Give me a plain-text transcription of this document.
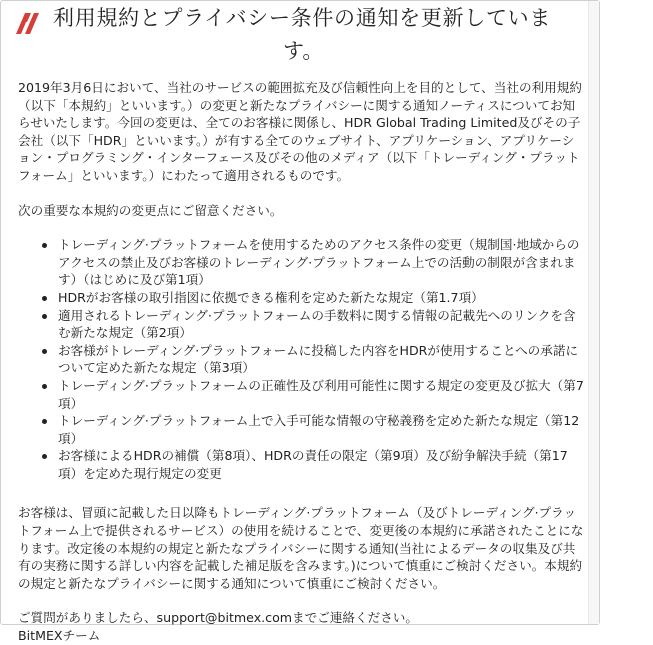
利用規約とプライバシー条件の通知を更新していま
す。

2019年3月6日において、当社のサービスの範囲拡充及び信頼性向上を目的として、当社の利用規約（以下「本規約」といいます。）の変更と新たなプライバシーに関する通知ノーティスについてお知らせいたします。今回の変更は、全てのお客様に関係し、HDR Global Trading Limited及びその子会社（以下「HDR」といいます。）が有する全てのウェブサイト、アプリケーション、アプリケーション・プログラミング・インターフェース及びその他のメディア（以下「トレーディング・プラットフォーム」といいます。）にわたって適用されるものです。

次の重要な本規約の変更点にご留意ください。

トレーディング·プラットフォームを使用するためのアクセス条件の変更（規制国·地域からのアクセスの禁止及びお客様のトレーディング·プラットフォーム上での活動の制限が含まれます）（はじめに及び第1項）
HDRがお客様の取引指図に依拠できる権利を定めた新たな規定（第1.7項）
適用されるトレーディング·プラットフォームの手数料に関する情報の記載先へのリンクを含む新たな規定（第2項）
お客様がトレーディング·プラットフォームに投稿した内容をHDRが使用することへの承諾について定めた新たな規定（第3項）
トレーディング·プラットフォームの正確性及び利用可能性に関する規定の変更及び拡大（第7項）
トレーディング·プラットフォーム上で入手可能な情報の守秘義務を定めた新たな規定（第12項）
お客様によるHDRの補償（第8項）、HDRの責任の限定（第9項）及び紛争解決手続（第17項）を定めた現行規定の変更

お客様は、冒頭に記載した日以降もトレーディング·プラットフォーム（及びトレーディング·プラットフォーム上で提供されるサービス）の使用を続けることで、変更後の本規約に承諾されたことになります。改定後の本規約の規定と新たなプライバシーに関する通知(当社によるデータの収集及び共有の実務に関する詳しい内容を記載した補足版を含みます。)について慎重にご検討ください。本規約の規定と新たなプライバシーに関する通知について慎重にご検討ください。

ご質問がありましたら、support@bitmex.comまでご連絡ください。
BitMEXチーム
